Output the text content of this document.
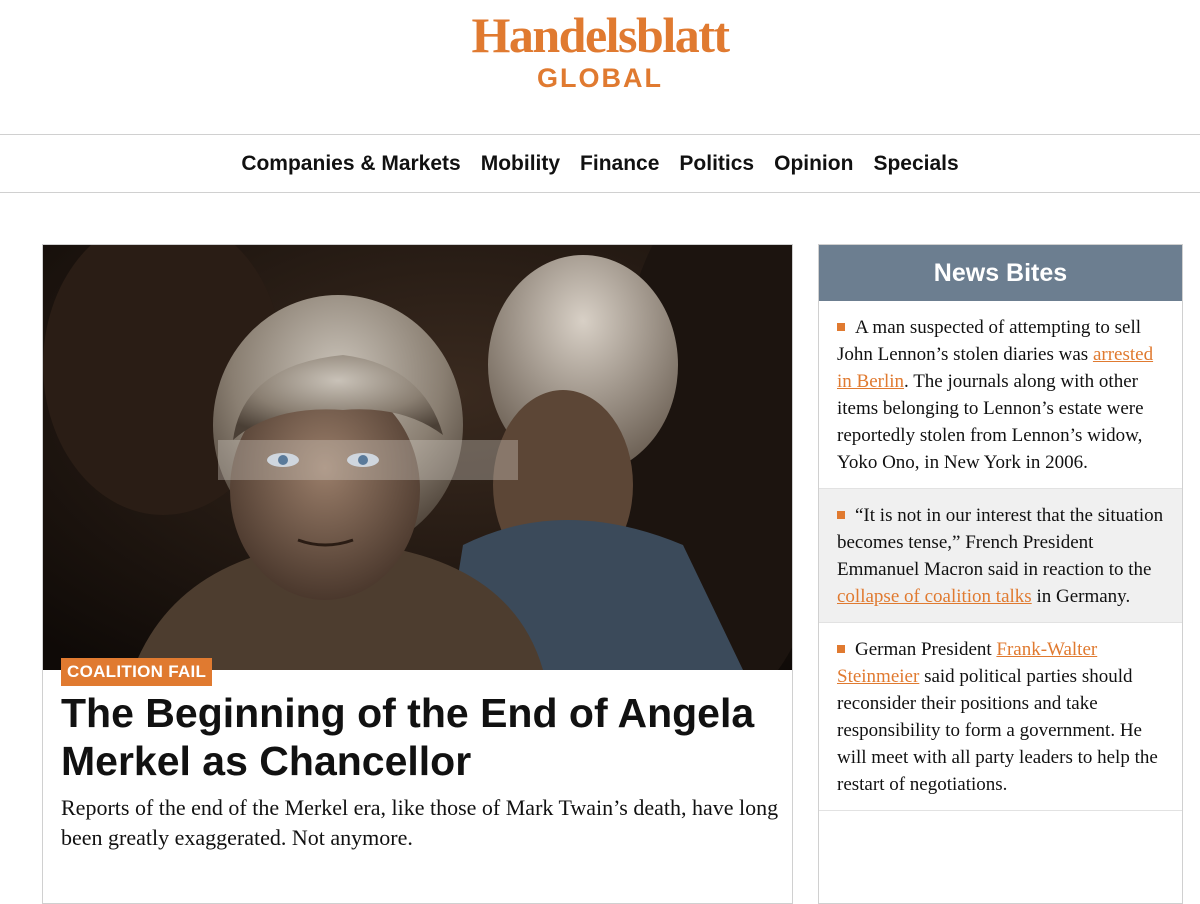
Handelsblatt
GLOBAL
Companies & Markets Mobility Finance Politics Opinion Specials
COALITION FAIL
The Beginning of the End of Angela Merkel as Chancellor

Reports of the end of the Merkel era, like those of Mark Twain’s death, have long been greatly exaggerated. Not anymore.

News Bites
A man suspected of attempting to sell John Lennon’s stolen diaries was arrested in Berlin. The journals along with other items belonging to Lennon’s estate were reportedly stolen from Lennon’s widow, Yoko Ono, in New York in 2006.
“It is not in our interest that the situation becomes tense,” French President Emmanuel Macron said in reaction to the collapse of coalition talks in Germany.
German President Frank-Walter Steinmeier said political parties should reconsider their positions and take responsibility to form a government. He will meet with all party leaders to help the restart of negotiations.
